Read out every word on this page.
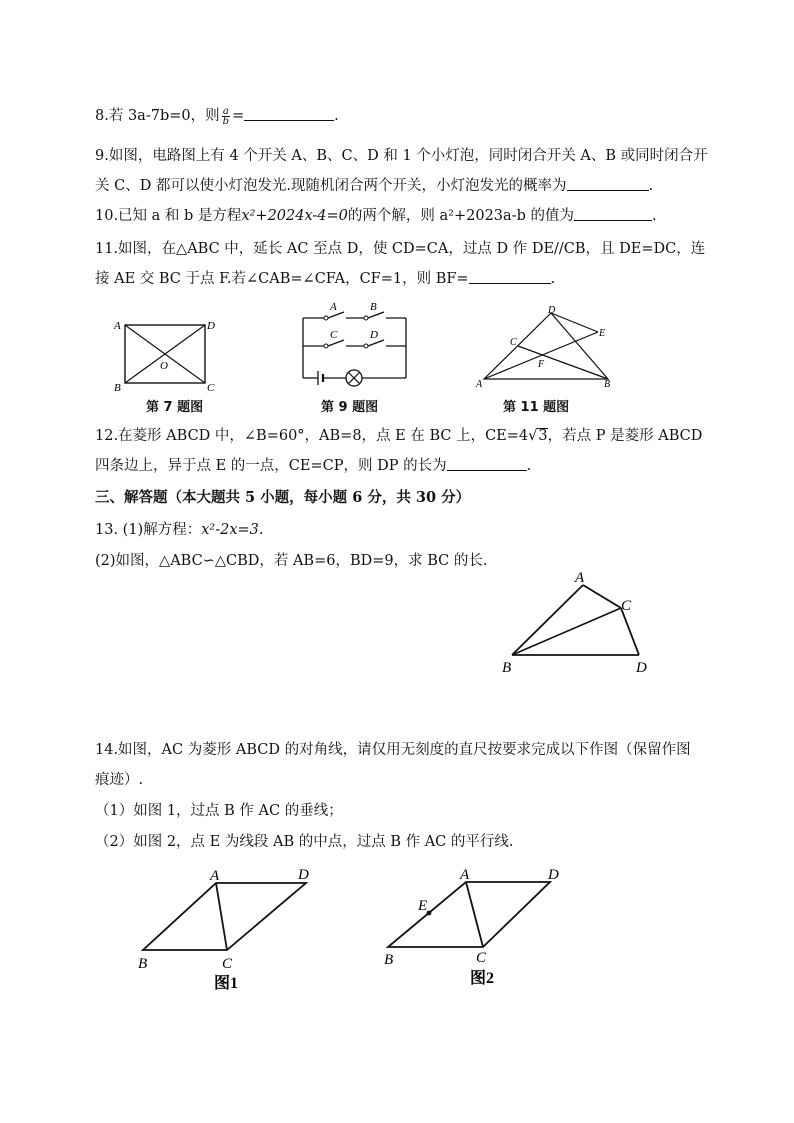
8.若 3a-7b=0，则 $\frac{a}{b}$ =	.
9.如图，电路图上有 4 个开关 A、B、C、D 和 1 个小灯泡，同时闭合开关 A、B 或同时闭合开
关 C、D 都可以使小灯泡发光.现随机闭合两个开关，小灯泡发光的概率为	.
10.已知 a 和 b 是方程x²+2024x-4=0的两个解，则 a²+2023a-b 的值为	.
11.如图，在△ABC 中，延长 AC 至点 D，使 CD=CA，过点 D 作 DE//CB，且 DE=DC，连
接 AE 交 BC 于点 F.若∠CAB=∠CFA，CF=1，则 BF=	.
A	D
B	C
O
第 7 题图
A	B
C	D
第 9 题图
A	B
C
D
E
F
第 11 题图
12.在菱形 ABCD 中，∠B=60°，AB=8，点 E 在 BC 上，CE=4√3，若点 P 是菱形 ABCD
四条边上，异于点 E 的一点，CE=CP，则 DP 的长为	.
三、解答题（本大题共 5 小题，每小题 6 分，共 30 分）
13. (1)解方程：x²-2x=3.
(2)如图，△ABC∽△CBD，若 AB=6，BD=9，求 BC 的长.
A
B
C
D
14.如图，AC 为菱形 ABCD 的对角线，请仅用无刻度的直尺按要求完成以下作图（保留作图
痕迹）.
（1）如图 1，过点 B 作 AC 的垂线；
（2）如图 2，点 E 为线段 AB 的中点，过点 B 作 AC 的平行线.
A	D
B	C
图1
A	D
E
B	C
图2
